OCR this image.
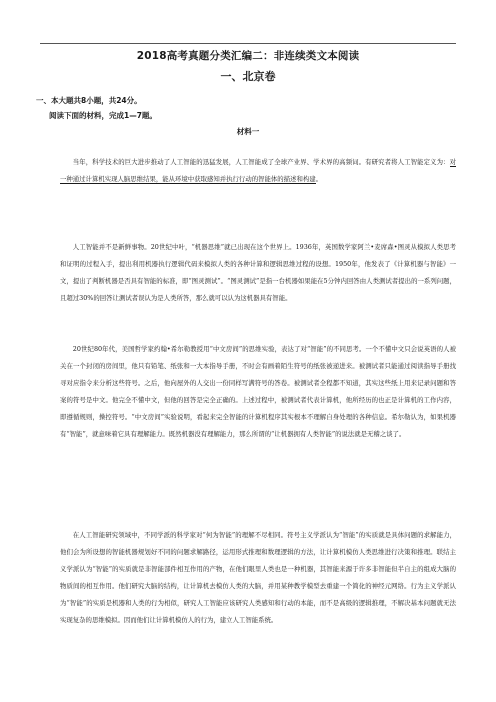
2018高考真题分类汇编二：非连续类文本阅读
一、北京卷
一、本大题共8小题，共24分。
阅读下面的材料，完成1—7题。
材料一

当年，科学技术的巨大进步推动了人工智能的迅猛发展，人工智能成了全球产业界、学术界的高频词。有研究者将人工智能定义为：对一种通过计算机实现人脑思维结果，能从环境中获取感知并执行行动的智能体的描述和构建。

人工智能并不是新鲜事物。20世纪中叶，“机器思维”就已出现在这个世界上。1936年，英国数学家阿兰•麦席森•图灵从模拟人类思考和证明的过程入手，提出利用机器执行逻辑代码来模拟人类的各种计算和逻辑思维过程的设想。1950年，他发表了《计算机器与智能》一文，提出了判断机器是否具有智能的标准，即“图灵测试”。“图灵测试”是指一台机器如果能在5分钟内回答由人类测试者提出的一系列问题，且超过30%的回答让测试者误认为是人类所答，那么就可以认为这机器具有智能。

20世纪80年代，美国哲学家约翰•希尔勒教授用“中文房间”的思维实验，表达了对“智能”的不同思考。一个不懂中文只会说英语的人被关在一个封闭的房间里，他只有铅笔、纸张和一大本指导手册，不时会有画着陌生符号的纸张被递进来。被测试者只能通过阅读指导手册找寻对应指令来分析这些符号。之后，他向屋外的人交出一份同样写满符号的答卷。被测试者全程都不知道，其实这些纸上用来记录问题和答案的符号是中文。他完全不懂中文，但他的回答是完全正确的。上述过程中，被测试者代表计算机，他所经历的也正是计算机的工作内容，即遵循规则，操控符号。“中文房间”实验说明，看起来完全智能的计算机程序其实根本不理解自身处理的各种信息。希尔勒认为，如果机器有“智能”，就意味着它具有理解能力。既然机器没有理解能力，那么所谓的“让机器拥有人类智能”的说法就是无稽之谈了。

在人工智能研究领域中，不同学派的科学家对“何为智能”的理解不尽相同。符号主义学派认为“智能”的实质就是具体问题的求解能力，他们会为所设想的智能机器规划好不同的问题求解路径，运用形式推理和数理逻辑的方法，让计算机模仿人类思维进行决策和推理。联结主义学派认为“智能”的实质就是非智能部件相互作用的产物，在他们眼里人类也是一种机器，其智能来源于许多非智能但半自主的组成大脑的物质间的相互作用。他们研究大脑的结构，让计算机去模仿人类的大脑，并用某种教学模型去重建一个简化的神经元网络。行为主义学派认为“智能”的实质是机器和人类的行为相似，研究人工智能应该研究人类感知和行动的本能，而不是高级的逻辑推理，不解决基本问题就无法实现复杂的思维模拟。因而他们让计算机模仿人的行为，建立人工智能系统。
